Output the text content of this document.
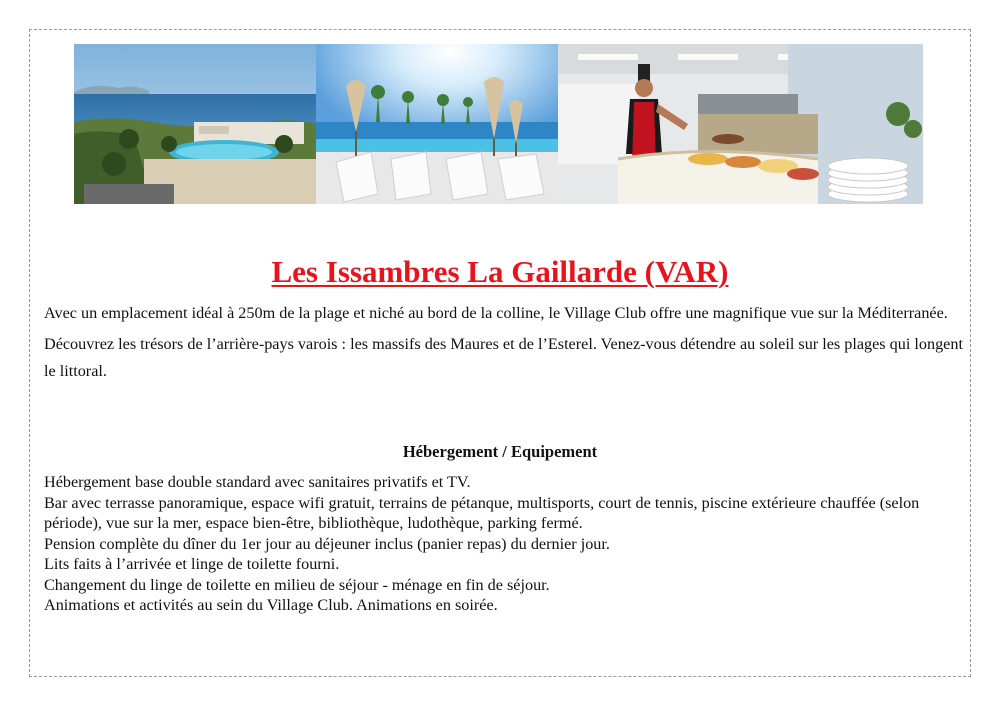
Les Issambres La Gaillarde (VAR)

Avec un emplacement idéal à 250m de la plage et niché au bord de la colline, le Village Club offre une magnifique vue sur la Méditerranée.

Découvrez les trésors de l’arrière-pays varois : les massifs des Maures et de l’Esterel. Venez-vous détendre au soleil sur les plages qui longent le littoral.

Hébergement / Equipement

Hébergement base double standard avec sanitaires privatifs et TV.

Bar avec terrasse panoramique, espace wifi gratuit, terrains de pétanque, multisports, court de tennis, piscine extérieure chauffée (selon période), vue sur la mer, espace bien-être, bibliothèque, ludothèque, parking fermé.

Pension complète du dîner du 1er jour au déjeuner inclus (panier repas) du dernier jour.

Lits faits à l’arrivée et linge de toilette fourni.

Changement du linge de toilette en milieu de séjour - ménage en fin de séjour.

Animations et activités au sein du Village Club. Animations en soirée.
